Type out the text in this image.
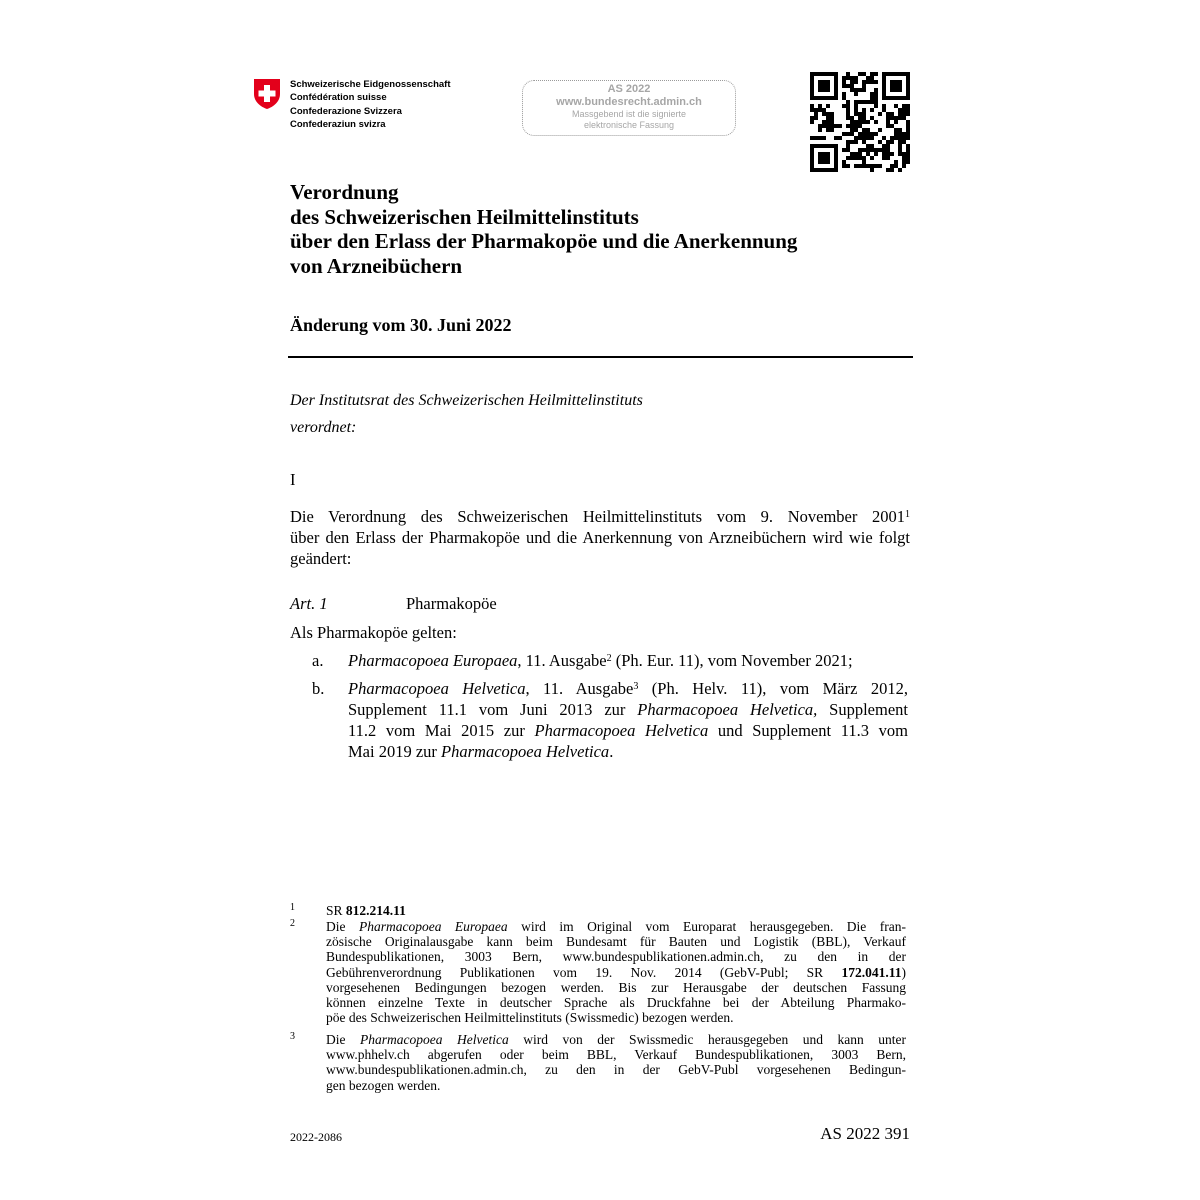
Schweizerische Eidgenossenschaft
Confédération suisse
Confederazione Svizzera
Confederaziun svizra
AS 2022
www.bundesrecht.admin.ch
Massgebend ist die signierte
elektronische Fassung
Verordnung
des Schweizerischen Heilmittelinstituts
über den Erlass der Pharmakopöe und die Anerkennung
von Arzneibüchern
Änderung vom 30. Juni 2022
Der Institutsrat des Schweizerischen Heilmittelinstituts
verordnet:
I
Die Verordnung des Schweizerischen Heilmittelinstituts vom 9. November 2001$^1$
über den Erlass der Pharmakopöe und die Anerkennung von Arzneibüchern wird wie folgt geändert:
Art. 1	Pharmakopöe
Als Pharmakopöe gelten:
a. Pharmacopoea Europaea, 11. Ausgabe$^2$ (Ph. Eur. 11), vom November 2021;
b. Pharmacopoea Helvetica, 11. Ausgabe$^3$ (Ph. Helv. 11), vom März 2012,

Supplement 11.1 vom Juni 2013 zur Pharmacopoea Helvetica, Supplement

11.2 vom Mai 2015 zur Pharmacopoea Helvetica und Supplement 11.3 vom

Mai 2019 zur Pharmacopoea Helvetica.

1 SR 812.214.11
2 Die Pharmacopoea Europaea wird im Original vom Europarat herausgegeben. Die fran-

zösische Originalausgabe kann beim Bundesamt für Bauten und Logistik (BBL), Verkauf

Bundespublikationen, 3003 Bern, www.bundespublikationen.admin.ch, zu den in der

Gebührenverordnung Publikationen vom 19. Nov. 2014 (GebV-Publ; SR 172.041.11)

vorgesehenen Bedingungen bezogen werden. Bis zur Herausgabe der deutschen Fassung

können einzelne Texte in deutscher Sprache als Druckfahne bei der Abteilung Pharmako-

pöe des Schweizerischen Heilmittelinstituts (Swissmedic) bezogen werden.

3 Die Pharmacopoea Helvetica wird von der Swissmedic herausgegeben und kann unter

www.phhelv.ch abgerufen oder beim BBL, Verkauf Bundespublikationen, 3003 Bern,

www.bundespublikationen.admin.ch, zu den in der GebV-Publ vorgesehenen Bedingun-

gen bezogen werden.

2022-2086	AS 2022 391
